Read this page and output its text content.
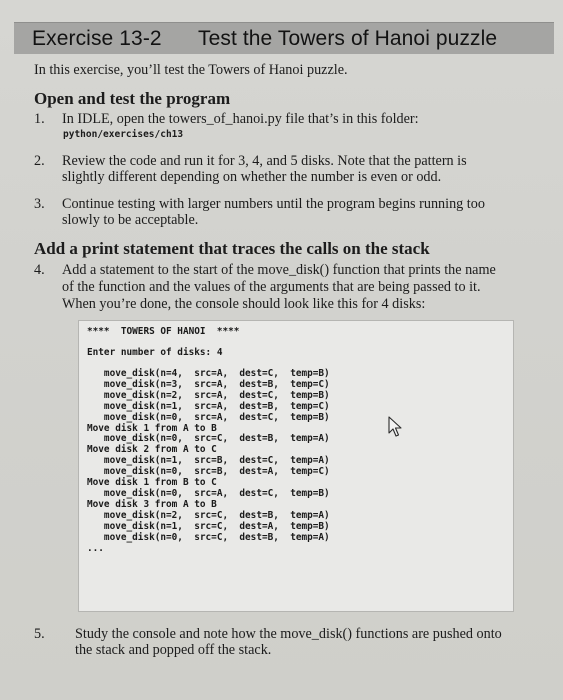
Exercise 13-2 Test the Towers of Hanoi puzzle
In this exercise, you’ll test the Towers of Hanoi puzzle.
Open and test the program
1. In IDLE, open the towers_of_hanoi.py file that’s in this folder:
python/exercises/ch13
2. Review the code and run it for 3, 4, and 5 disks. Note that the pattern is
slightly different depending on whether the number is even or odd.
3. Continue testing with larger numbers until the program begins running too
slowly to be acceptable.
Add a print statement that traces the calls on the stack
4. Add a statement to the start of the move_disk() function that prints the name
of the function and the values of the arguments that are being passed to it.
When you’re done, the console should look like this for 4 disks:
****  TOWERS OF HANOI  ****
Enter number of disks: 4
move_disk(n=4,  src=A,  dest=C,  temp=B)
move_disk(n=3,  src=A,  dest=B,  temp=C)
move_disk(n=2,  src=A,  dest=C,  temp=B)
move_disk(n=1,  src=A,  dest=B,  temp=C)
move_disk(n=0,  src=A,  dest=C,  temp=B)
Move disk 1 from A to B
move_disk(n=0,  src=C,  dest=B,  temp=A)
Move disk 2 from A to C
move_disk(n=1,  src=B,  dest=C,  temp=A)
move_disk(n=0,  src=B,  dest=A,  temp=C)
Move disk 1 from B to C
move_disk(n=0,  src=A,  dest=C,  temp=B)
Move disk 3 from A to B
move_disk(n=2,  src=C,  dest=B,  temp=A)
move_disk(n=1,  src=C,  dest=A,  temp=B)
move_disk(n=0,  src=C,  dest=B,  temp=A)
...
5. Study the console and note how the move_disk() functions are pushed onto
the stack and popped off the stack.
